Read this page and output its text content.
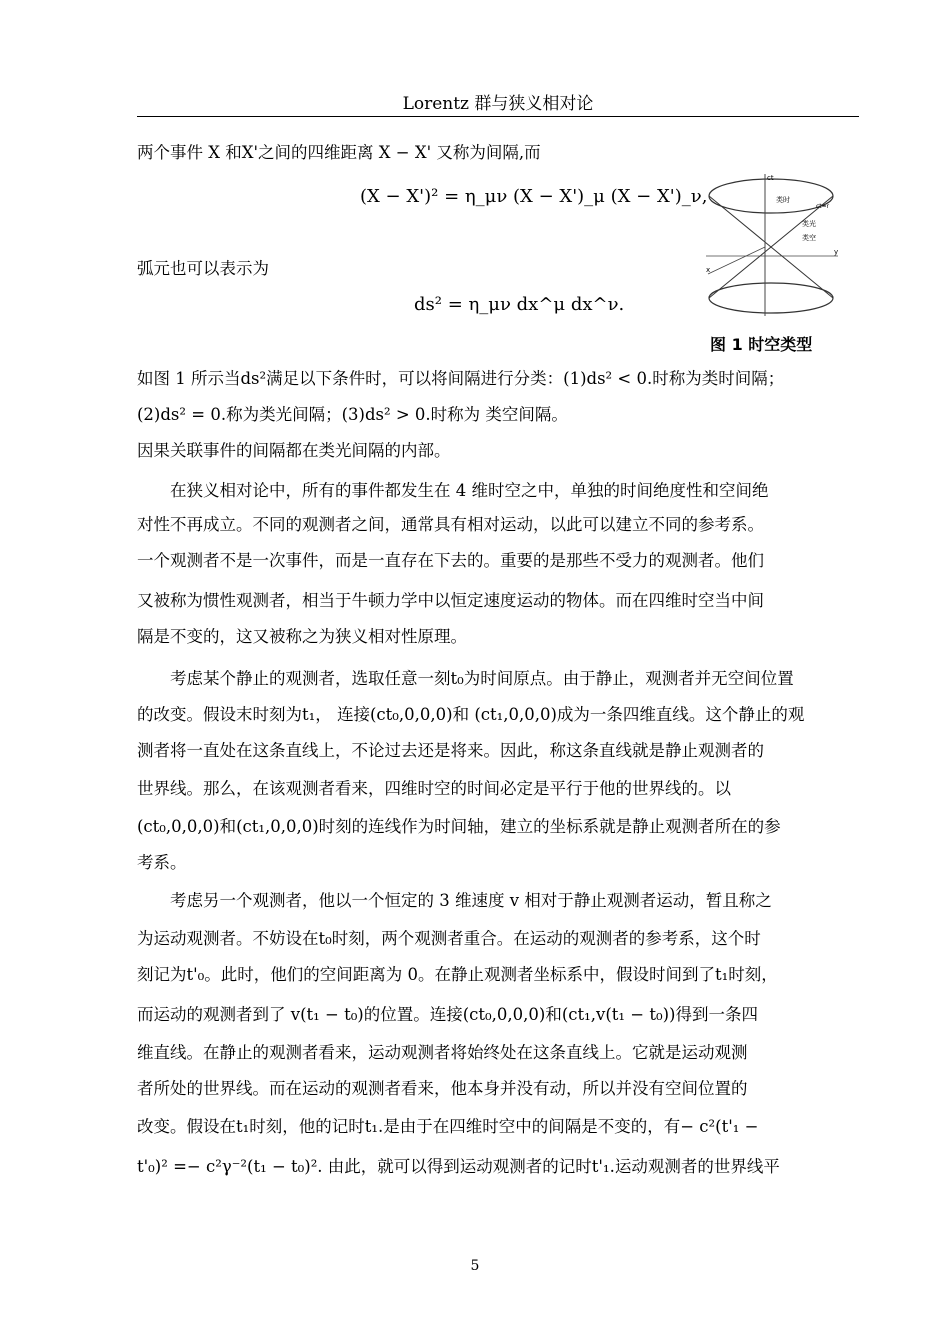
Lorentz 群与狭义相对论
两个事件 X 和X'之间的四维距离 X − X' 又称为间隔,而
(X − X')² = η_μν (X − X')_μ (X − X')_ν,
弧元也可以表示为
ds² = η_μν dx^μ dx^ν.
ct
类时
ct=r
类光
类空
y
x
图 1 时空类型
如图 1 所示当ds²满足以下条件时，可以将间隔进行分类：(1)ds² < 0.时称为类时间隔；
(2)ds² = 0.称为类光间隔；(3)ds² > 0.时称为 类空间隔。
因果关联事件的间隔都在类光间隔的内部。
在狭义相对论中，所有的事件都发生在 4 维时空之中，单独的时间绝度性和空间绝
对性不再成立。不同的观测者之间，通常具有相对运动，以此可以建立不同的参考系。
一个观测者不是一次事件，而是一直存在下去的。重要的是那些不受力的观测者。他们
又被称为惯性观测者，相当于牛顿力学中以恒定速度运动的物体。而在四维时空当中间
隔是不变的，这又被称之为狭义相对性原理。
考虑某个静止的观测者，选取任意一刻t₀为时间原点。由于静止，观测者并无空间位置
的改变。假设末时刻为t₁， 连接(ct₀,0,0,0)和 (ct₁,0,0,0)成为一条四维直线。这个静止的观
测者将一直处在这条直线上，不论过去还是将来。因此，称这条直线就是静止观测者的
世界线。那么，在该观测者看来，四维时空的时间必定是平行于他的世界线的。以
(ct₀,0,0,0)和(ct₁,0,0,0)时刻的连线作为时间轴，建立的坐标系就是静止观测者所在的参
考系。
考虑另一个观测者，他以一个恒定的 3 维速度 v 相对于静止观测者运动，暂且称之
为运动观测者。不妨设在t₀时刻，两个观测者重合。在运动的观测者的参考系，这个时
刻记为t'₀。此时，他们的空间距离为 0。在静止观测者坐标系中，假设时间到了t₁时刻，
而运动的观测者到了 v(t₁ − t₀)的位置。连接(ct₀,0,0,0)和(ct₁,v(t₁ − t₀))得到一条四
维直线。在静止的观测者看来，运动观测者将始终处在这条直线上。它就是运动观测
者所处的世界线。而在运动的观测者看来，他本身并没有动，所以并没有空间位置的
改变。假设在t₁时刻，他的记时t₁.是由于在四维时空中的间隔是不变的，有− c²(t'₁ −
t'₀)² =− c²γ⁻²(t₁ − t₀)². 由此，就可以得到运动观测者的记时t'₁.运动观测者的世界线平
5
